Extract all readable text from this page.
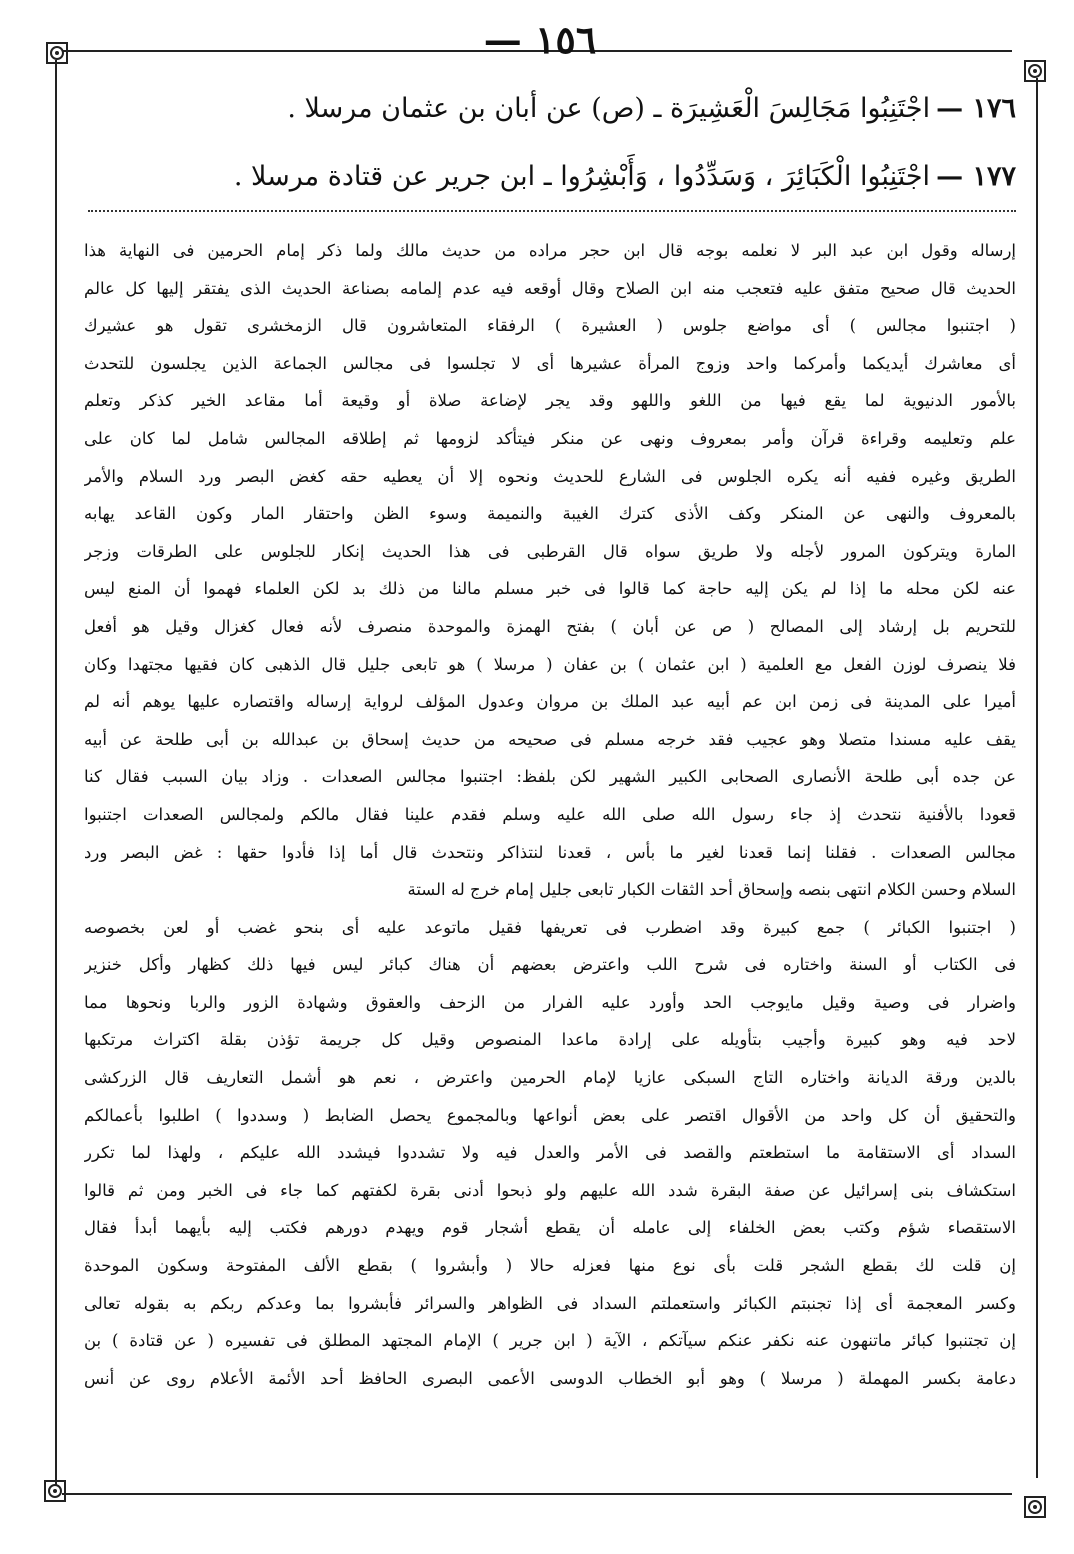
— ١٥٦
١٧٦ —اجْتَنِبُوا مَجَالِسَ الْعَشِيرَة ـ (ص) عن أبان بن عثمان مرسلا .
١٧٧ —اجْتَنِبُوا الْكَبَائِرَ ، وَسَدِّدُوا ، وَأَبْشِرُوا ـ ابن جرير عن قتادة مرسلا .
إرساله وقول ابن عبد البر لا نعلمه بوجه قال ابن حجر مراده من حديث مالك ولما ذكر إمام الحرمين فى النهاية هذا
الحديث قال صحيح متفق عليه فتعجب منه ابن الصلاح وقال أوقعه فيه عدم إلمامه بصناعة الحديث الذى يفتقر إليها كل عالم
( اجتنبوا مجالس ) أى مواضع جلوس ( العشيرة ) الرفقاء المتعاشرون قال الزمخشرى تقول هو عشيرك
أى معاشرك أيديكما وأمركما واحد وزوج المرأة عشيرها أى لا تجلسوا فى مجالس الجماعة الذين يجلسون للتحدث
بالأمور الدنيوية لما يقع فيها من اللغو واللهو وقد يجر لإضاعة صلاة أو وقيعة أما مقاعد الخير كذكر وتعلم
علم وتعليمه وقراءة قرآن وأمر بمعروف ونهى عن منكر فيتأكد لزومها ثم إطلاقه المجالس شامل لما كان على
الطريق وغيره ففيه أنه يكره الجلوس فى الشارع للحديث ونحوه إلا أن يعطيه حقه كغض البصر ورد السلام والأمر
بالمعروف والنهى عن المنكر وكف الأذى كترك الغيبة والنميمة وسوء الظن واحتقار المار وكون القاعد يهابه
المارة ويتركون المرور لأجله ولا طريق سواه قال القرطبى فى هذا الحديث إنكار للجلوس على الطرقات وزجر
عنه لكن محله ما إذا لم يكن إليه حاجة كما قالوا فى خبر مسلم مالنا من ذلك بد لكن العلماء فهموا أن المنع ليس
للتحريم بل إرشاد إلى المصالح ( ص عن أبان ) بفتح الهمزة والموحدة منصرف لأنه فعال كغزال وقيل هو أفعل
فلا ينصرف لوزن الفعل مع العلمية ( ابن عثمان ) بن عفان ( مرسلا ) هو تابعى جليل قال الذهبى كان فقيها مجتهدا وكان
أميرا على المدينة فى زمن ابن عم أبيه عبد الملك بن مروان وعدول المؤلف لرواية إرساله واقتصاره عليها يوهم أنه لم
يقف عليه مسندا متصلا وهو عجيب فقد خرجه مسلم فى صحيحه من حديث إسحاق بن عبدالله بن أبى طلحة عن أبيه
عن جده أبى طلحة الأنصارى الصحابى الكبير الشهير لكن بلفظ: اجتنبوا مجالس الصعدات . وزاد بيان السبب فقال كنا
قعودا بالأفنية نتحدث إذ جاء رسول الله صلى الله عليه وسلم فقدم علينا فقال مالكم ولمجالس الصعدات اجتنبوا
مجالس الصعدات . فقلنا إنما قعدنا لغير ما بأس ، قعدنا لنتذاكر ونتحدث قال أما إذا فأدوا حقها : غض البصر ورد
السلام وحسن الكلام انتهى بنصه وإسحاق أحد الثقات الكبار تابعى جليل إمام خرج له الستة
( اجتنبوا الكبائر ) جمع كبيرة وقد اضطرب فى تعريفها فقيل ماتوعد عليه أى بنحو غضب أو لعن بخصوصه
فى الكتاب أو السنة واختاره فى شرح اللب واعترض بعضهم أن هناك كبائر ليس فيها ذلك كظهار وأكل خنزير
واضرار فى وصية وقيل مايوجب الحد وأورد عليه الفرار من الزحف والعقوق وشهادة الزور والربا ونحوها مما
لاحد فيه وهو كبيرة وأجيب بتأويله على إرادة ماعدا المنصوص وقيل كل جريمة تؤذن بقلة اكتراث مرتكبها
بالدين ورقة الديانة واختاره التاج السبكى عازيا لإمام الحرمين واعترض ، نعم هو أشمل التعاريف قال الزركشى
والتحقيق أن كل واحد من الأقوال اقتصر على بعض أنواعها وبالمجموع يحصل الضابط ( وسددوا ) اطلبوا بأعمالكم
السداد أى الاستقامة ما استطعتم والقصد فى الأمر والعدل فيه ولا تشددوا فيشدد الله عليكم ، ولهذا لما تكرر
استكشاف بنى إسرائيل عن صفة البقرة شدد الله عليهم ولو ذبحوا أدنى بقرة لكفتهم كما جاء فى الخبر ومن ثم قالوا
الاستقصاء شؤم وكتب بعض الخلفاء إلى عامله أن يقطع أشجار قوم ويهدم دورهم فكتب إليه بأيهما أبدأ فقال
إن قلت لك بقطع الشجر قلت بأى نوع منها فعزله حالا ( وأبشروا ) بقطع الألف المفتوحة وسكون الموحدة
وكسر المعجمة أى إذا تجنبتم الكبائر واستعملتم السداد فى الظواهر والسرائر فأبشروا بما وعدكم ربكم به بقوله تعالى
إن تجتنبوا كبائر ماتنهون عنه نكفر عنكم سيآتكم ، الآية ( ابن جرير ) الإمام المجتهد المطلق فى تفسيره ( عن قتادة ) بن
دعامة بكسر المهملة ( مرسلا ) وهو أبو الخطاب الدوسى الأعمى البصرى الحافظ أحد الأئمة الأعلام روى عن أنس
